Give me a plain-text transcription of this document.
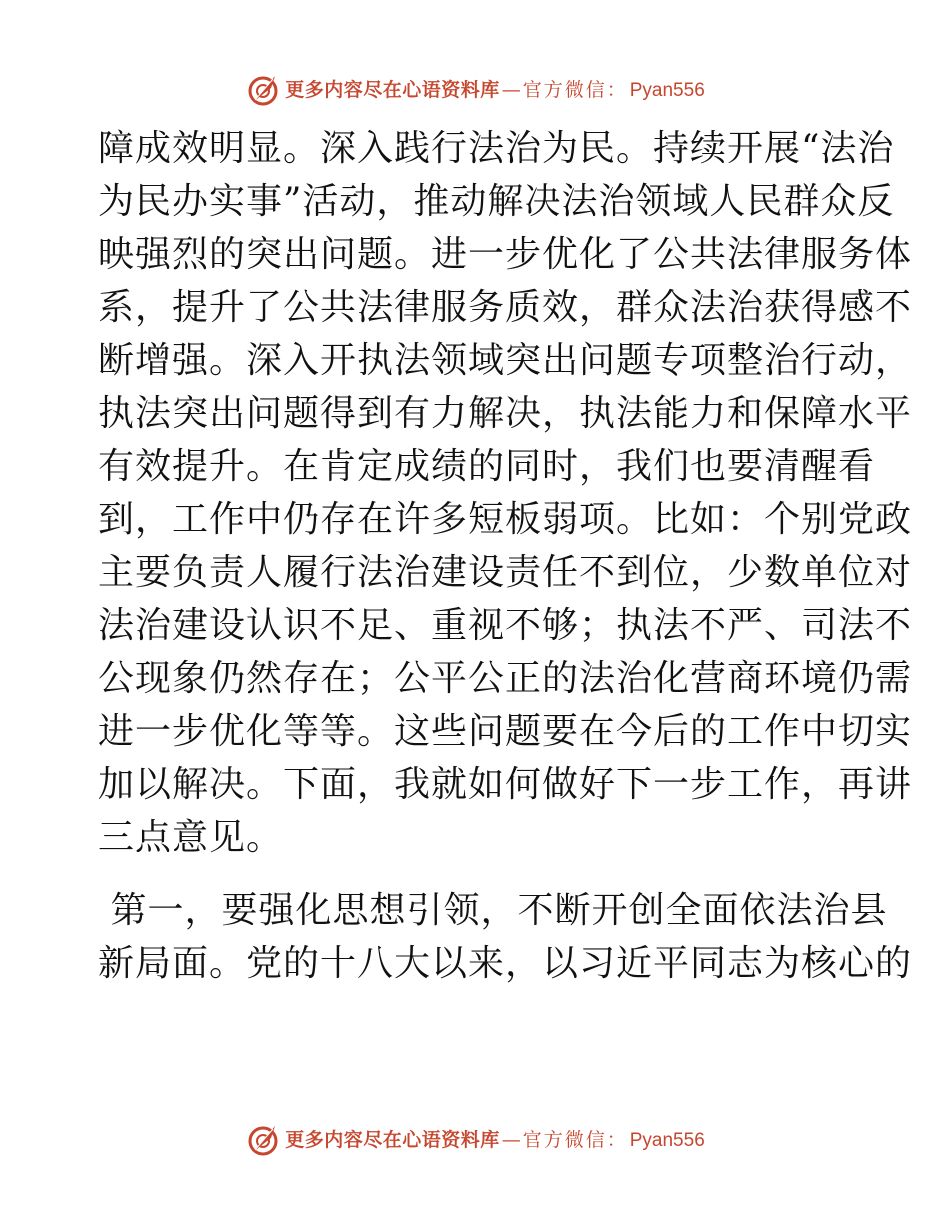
更多内容尽在心语资料库 — 官方微信： Pyan556

障成效明显。深入践行法治为民。持续开展“法治
为民办实事”活动，推动解决法治领域人民群众反
映强烈的突出问题。进一步优化了公共法律服务体
系，提升了公共法律服务质效，群众法治获得感不
断增强。深入开执法领域突出问题专项整治行动，
执法突出问题得到有力解决，执法能力和保障水平
有效提升。在肯定成绩的同时，我们也要清醒看
到，工作中仍存在许多短板弱项。比如：个别党政
主要负责人履行法治建设责任不到位，少数单位对
法治建设认识不足、重视不够；执法不严、司法不
公现象仍然存在；公平公正的法治化营商环境仍需
进一步优化等等。这些问题要在今后的工作中切实
加以解决。下面，我就如何做好下一步工作，再讲
三点意见。

第一，要强化思想引领，不断开创全面依法治县
新局面。党的十八大以来，以习近平同志为核心的

更多内容尽在心语资料库 — 官方微信： Pyan556
